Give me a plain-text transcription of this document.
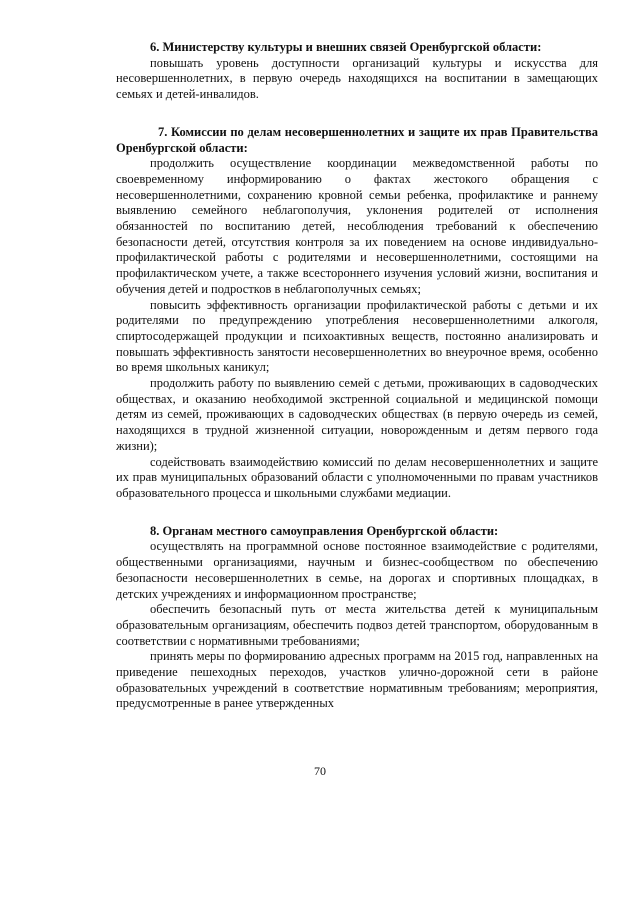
6. Министерству культуры и внешних связей Оренбургской области:

повышать уровень доступности организаций культуры и искусства для несовершеннолетних, в первую очередь находящихся на воспитании в замещающих семьях и детей-инвалидов.

7. Комиссии по делам несовершеннолетних и защите их прав Правительства Оренбургской области:

продолжить осуществление координации межведомственной работы по своевременному информированию о фактах жестокого обращения с несовершеннолетними, сохранению кровной семьи ребенка, профилактике и раннему выявлению семейного неблагополучия, уклонения родителей от исполнения обязанностей по воспитанию детей, несоблюдения требований к обеспечению безопасности детей, отсутствия контроля за их поведением на основе индивидуально-профилактической работы с родителями и несовершеннолетними, состоящими на профилактическом учете, а также всестороннего изучения условий жизни, воспитания и обучения детей и подростков в неблагополучных семьях;

повысить эффективность организации профилактической работы с детьми и их родителями по предупреждению употребления несовершеннолетними алкоголя, спиртосодержащей продукции и психоактивных веществ, постоянно анализировать и повышать эффективность занятости несовершеннолетних во внеурочное время, особенно во время школьных каникул;

продолжить работу по выявлению семей с детьми, проживающих в садоводческих обществах, и оказанию необходимой экстренной социальной и медицинской помощи детям из семей, проживающих в садоводческих обществах (в первую очередь из семей, находящихся в трудной жизненной ситуации, новорожденным и детям первого года жизни);

содействовать взаимодействию комиссий по делам несовершеннолетних и защите их прав муниципальных образований области с уполномоченными по правам участников образовательного процесса и школьными службами медиации.

8. Органам местного самоуправления Оренбургской области:

осуществлять на программной основе постоянное взаимодействие с родителями, общественными организациями, научным и бизнес-сообществом по обеспечению безопасности несовершеннолетних в семье, на дорогах и спортивных площадках, в детских учреждениях и информационном пространстве;

обеспечить безопасный путь от места жительства детей к муниципальным образовательным организациям, обеспечить подвоз детей транспортом, оборудованным в соответствии с нормативными требованиями;

принять меры по формированию адресных программ на 2015 год, направленных на приведение пешеходных переходов, участков улично-дорожной сети в районе образовательных учреждений в соответствие нормативным требованиям; мероприятия, предусмотренные в ранее утвержденных

70
